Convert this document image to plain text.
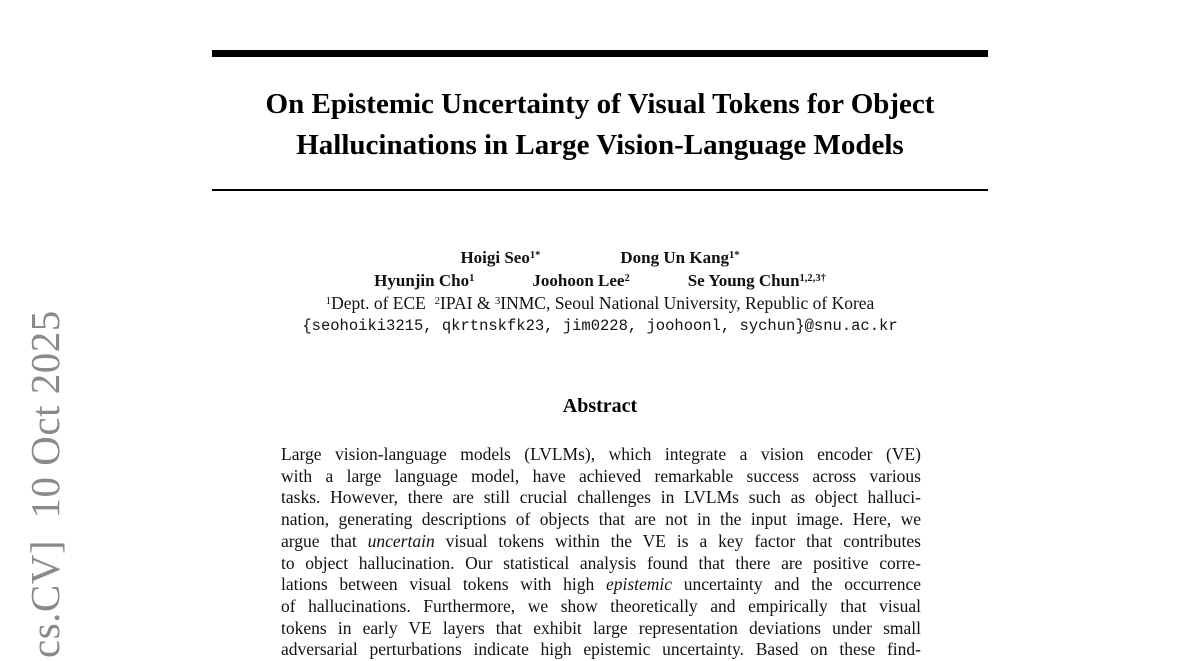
cs.CV]  10 Oct 2025
On Epistemic Uncertainty of Visual Tokens for Object
Hallucinations in Large Vision-Language Models
Hoigi Seo$^{1*}$	Dong Un Kang$^{1*}$
Hyunjin Cho$^1$	Joohoon Lee$^2$	Se Young Chun$^{1,2,3\dagger}$
$^1$Dept. of ECE  $^2$IPAI & $^3$INMC, Seoul National University, Republic of Korea
{seohoiki3215, qkrtnskfk23, jim0228, joohoonl, sychun}@snu.ac.kr
Abstract
Large vision-language models (LVLMs), which integrate a vision encoder (VE)
with a large language model, have achieved remarkable success across various
tasks. However, there are still crucial challenges in LVLMs such as object halluci-
nation, generating descriptions of objects that are not in the input image. Here, we
argue that uncertain visual tokens within the VE is a key factor that contributes
to object hallucination. Our statistical analysis found that there are positive corre-
lations between visual tokens with high epistemic uncertainty and the occurrence
of hallucinations. Furthermore, we show theoretically and empirically that visual
tokens in early VE layers that exhibit large representation deviations under small
adversarial perturbations indicate high epistemic uncertainty. Based on these find-
